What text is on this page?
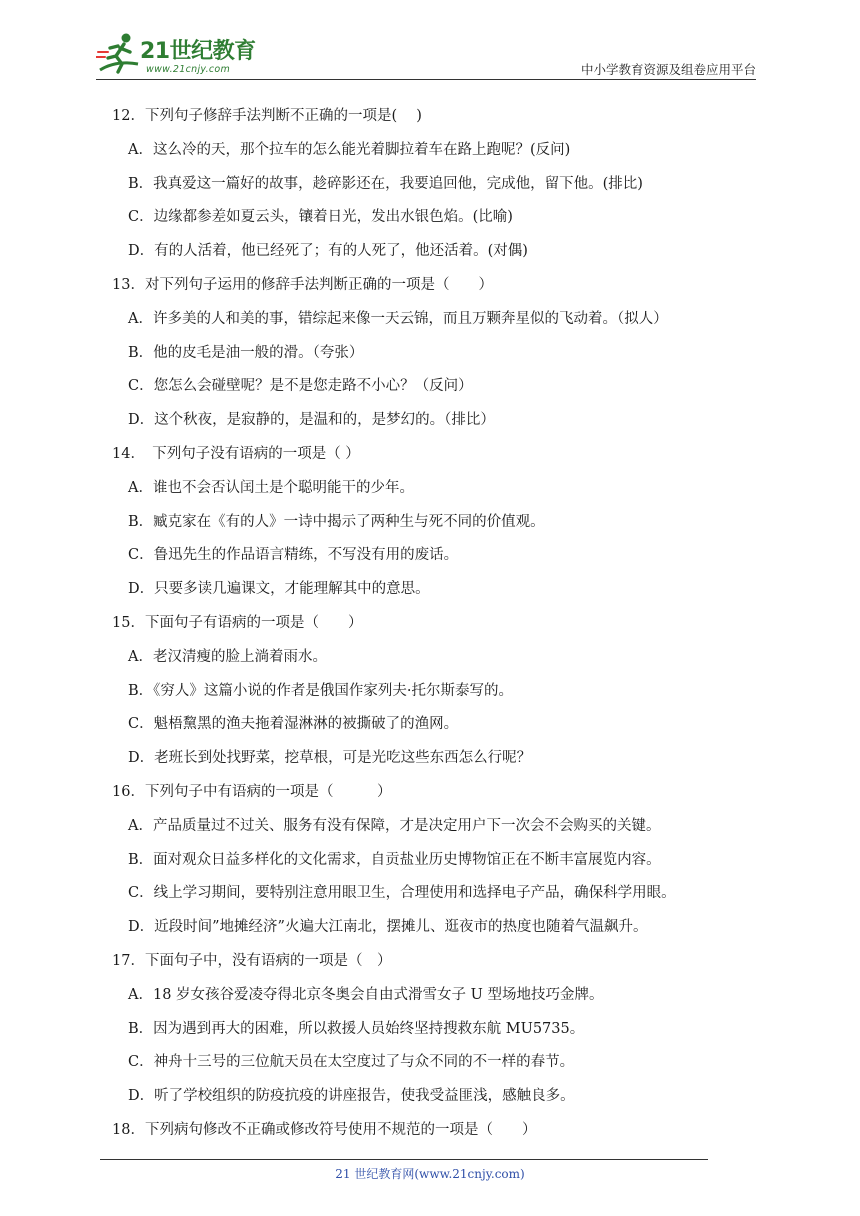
21世纪教育
www.21cnjy.com	中小学教育资源及组卷应用平台
12．下列句子修辞手法判断不正确的一项是(　 )
A．这么冷的天，那个拉车的怎么能光着脚拉着车在路上跑呢？(反问)
B．我真爱这一篇好的故事，趁碎影还在，我要追回他，完成他，留下他。(排比)
C．边缘都参差如夏云头，镶着日光，发出水银色焰。(比喻)
D．有的人活着，他已经死了；有的人死了，他还活着。(对偶)
13．对下列句子运用的修辞手法判断正确的一项是（　　）
A．许多美的人和美的事，错综起来像一天云锦，而且万颗奔星似的飞动着。（拟人）
B．他的皮毛是油一般的滑。（夸张）
C．您怎么会碰壁呢？是不是您走路不小心？（反问）
D．这个秋夜，是寂静的，是温和的，是梦幻的。（排比）
14．　下列句子没有语病的一项是（ ）
A．谁也不会否认闰土是个聪明能干的少年。
B．臧克家在《有的人》一诗中揭示了两种生与死不同的价值观。
C．鲁迅先生的作品语言精练，不写没有用的废话。
D．只要多读几遍课文，才能理解其中的意思。
15．下面句子有语病的一项是（　　）
A．老汉清瘦的脸上淌着雨水。
B．《穷人》这篇小说的作者是俄国作家列夫·托尔斯泰写的。
C．魁梧黧黑的渔夫拖着湿淋淋的被撕破了的渔网。
D．老班长到处找野菜，挖草根，可是光吃这些东西怎么行呢？
16．下列句子中有语病的一项是（　　　）
A．产品质量过不过关、服务有没有保障，才是决定用户下一次会不会购买的关键。
B．面对观众日益多样化的文化需求，自贡盐业历史博物馆正在不断丰富展览内容。
C．线上学习期间，要特别注意用眼卫生，合理使用和选择电子产品，确保科学用眼。
D．近段时间”地摊经济”火遍大江南北，摆摊儿、逛夜市的热度也随着气温飙升。
17．下面句子中，没有语病的一项是（　）
A．18 岁女孩谷爱凌夺得北京冬奥会自由式滑雪女子 U 型场地技巧金牌。
B．因为遇到再大的困难，所以救援人员始终坚持搜救东航 MU5735。
C．神舟十三号的三位航天员在太空度过了与众不同的不一样的春节。
D．听了学校组织的防疫抗疫的讲座报告，使我受益匪浅，感触良多。
18．下列病句修改不正确或修改符号使用不规范的一项是（　　）
21 世纪教育网(www.21cnjy.com)
